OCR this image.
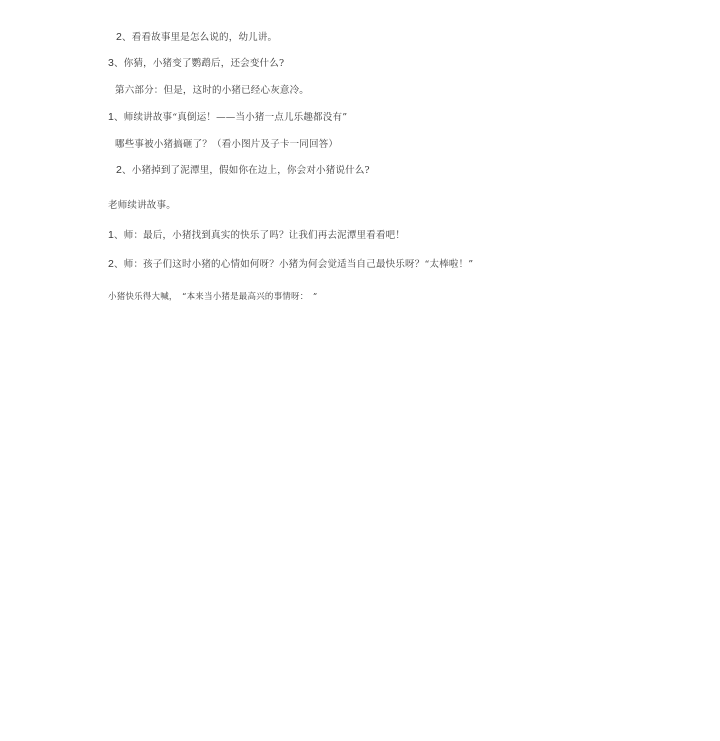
2、看看故事里是怎么说的，幼儿讲。
3、你猜，小猪变了鹦鹉后，还会变什么?
第六部分：但是，这时的小猪已经心灰意冷。
1、师续讲故事“真倒运！——当小猪一点儿乐趣都没有”
哪些事被小猪搞砸了？（看小图片及子卡一同回答）
2、小猪掉到了泥潭里，假如你在边上，你会对小猪说什么?
老师续讲故事。
1、师：最后，小猪找到真实的快乐了吗？让我们再去泥潭里看看吧！
2、师：孩子们这时小猪的心情如何呀？小猪为何会觉适当自己最快乐呀？“太棒啦！”
小猪快乐得大喊，　“本来当小猪是最高兴的事情呀：　”
